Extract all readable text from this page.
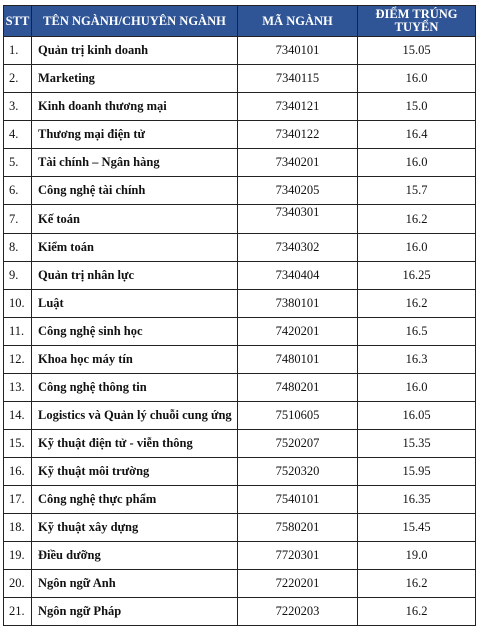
STT	TÊN NGÀNH/CHUYÊN NGÀNH	MÃ NGÀNH	ĐIỂM TRÚNG TUYỂN
1.	Quản trị kinh doanh	7340101	15.05
2.	Marketing	7340115	16.0
3.	Kinh doanh thương mại	7340121	15.0
4.	Thương mại điện tử	7340122	16.4
5.	Tài chính – Ngân hàng	7340201	16.0
6.	Công nghệ tài chính	7340205	15.7
7.	Kế toán	7340301	16.2
8.	Kiểm toán	7340302	16.0
9.	Quản trị nhân lực	7340404	16.25
10.	Luật	7380101	16.2
11.	Công nghệ sinh học	7420201	16.5
12.	Khoa học máy tín	7480101	16.3
13.	Công nghệ thông tin	7480201	16.0
14.	Logistics và Quản lý chuỗi cung ứng	7510605	16.05
15.	Kỹ thuật điện tử - viễn thông	7520207	15.35
16.	Kỹ thuật môi trường	7520320	15.95
17.	Công nghệ thực phẩm	7540101	16.35
18.	Kỹ thuật xây dựng	7580201	15.45
19.	Điều dưỡng	7720301	19.0
20.	Ngôn ngữ Anh	7220201	16.2
21.	Ngôn ngữ Pháp	7220203	16.2
